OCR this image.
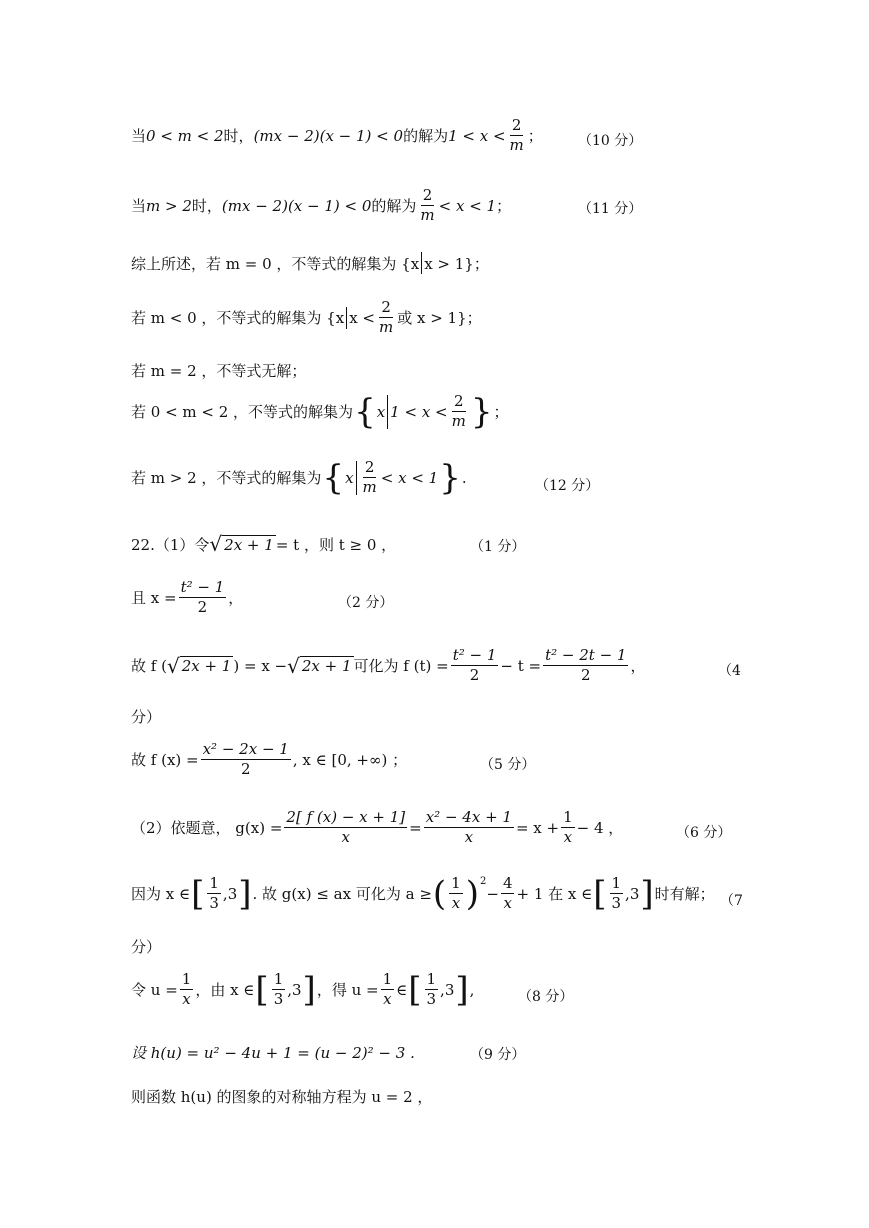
当 0 < m < 2 时， (mx − 2)(x − 1) < 0 的解为 $1 < x < \frac{2}{m}$ ；	（10 分）
当 m > 2 时， (mx − 2)(x − 1) < 0 的解为 $\frac{2}{m} < x < 1$ ；	（11 分）
综上所述，若 m = 0 ，不等式的解集为 {x x > 1}；
若 m < 0 ，不等式的解集为 {x $x < \frac{2}{m}$ 或 x > 1}；
若 m = 2 ，不等式无解；
若 0 < m < 2 ，不等式的解集为 { x $1 < x < \frac{2}{m}$ } ；
若 m > 2 ，不等式的解集为 { x $\frac{2}{m} < x < 1$ } .	（12 分）
22.（1）令 √ 2x + 1 = t ，则 t ≥ 0 ，	（1 分）
且 $x = \frac{\text{t² − 1}}{2}$ ，	（2 分）
故 f ( √ 2x + 1 ) = x − √ 2x + 1 可化为 f $(t) = \frac{\text{t² − 1}}{2} - t = \frac{\text{t² − 2t − 1}}{2}$ ，	（4
分）
故 f $(x) = \frac{\text{x² − 2x − 1}}{2}$ , x ∈ [0, +∞) ；	（5 分）
（2）依题意， $g(x) = \frac{2[ f (x) - x + 1]}{x} = \frac{\text{x² − 4x + 1}}{x} = x + \frac{1}{x} - 4$ ，	（6 分）
因为 x ∈ [ $\frac{1}{3} ,3$ ] . 故 g(x) ≤ ax 可化为 a ≥ ( $\frac{1}{x} )^2$
− $\frac{4}{x} + 1$ 在 x ∈ [ $\frac{1}{3} ,3$ ] 时有解； （7
分）
令 $u = \frac{1}{x}$ ，由 x ∈ [ $\frac{1}{3} ,3$ ] ，得 $u = \frac{1}{x}$ ∈ [ $\frac{1}{3} ,3$ ] ,	（8 分）
设 h(u) = u² − 4u + 1 = (u − 2)² − 3 .	（9 分）
则函数 h(u) 的图象的对称轴方程为 u = 2 ，
